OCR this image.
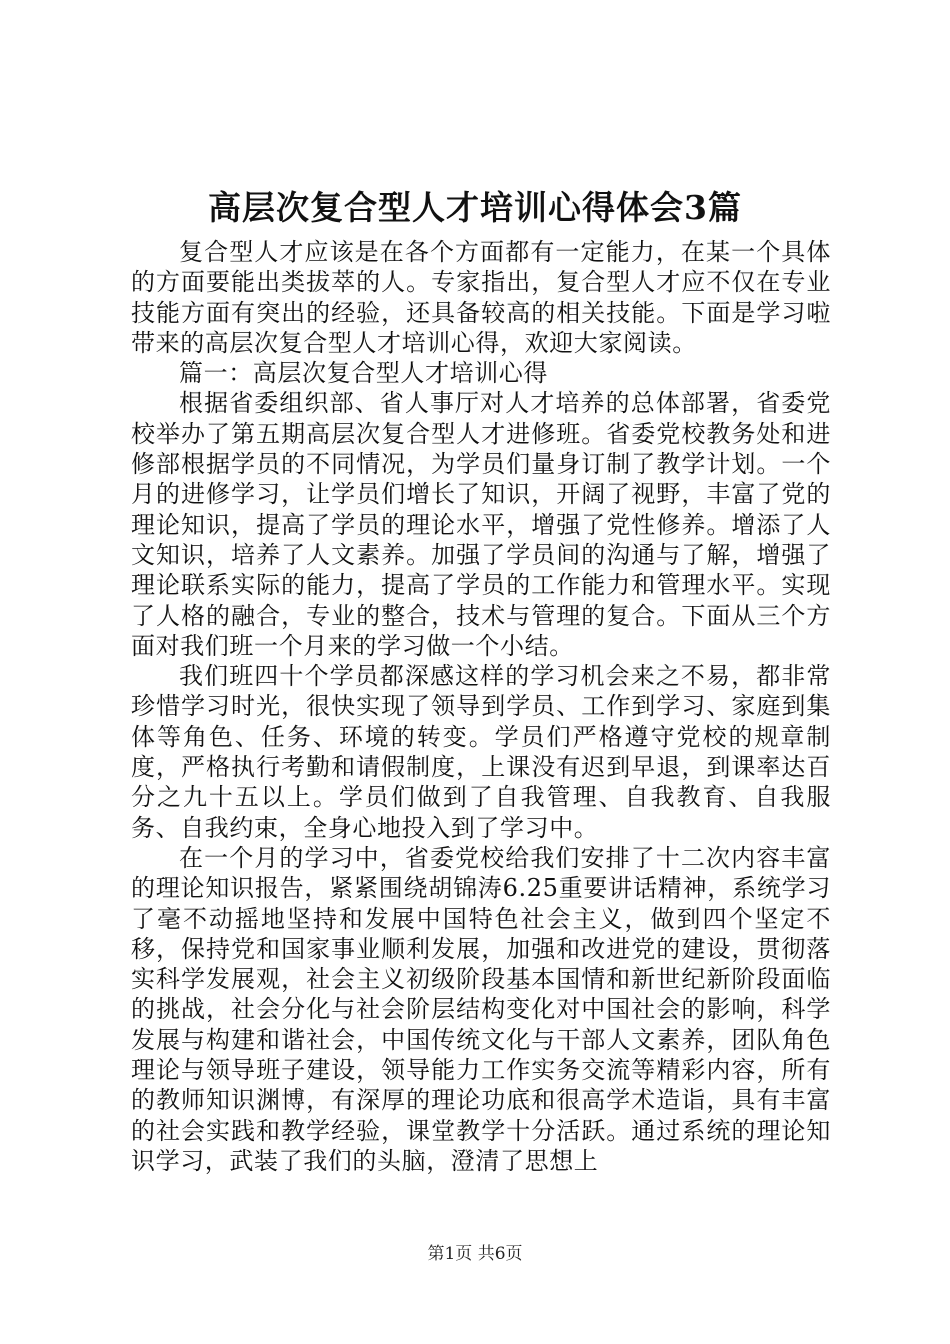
高层次复合型人才培训心得体会3篇

复合型人才应该是在各个方面都有一定能力，在某一个具体的方面要能出类拔萃的人。专家指出，复合型人才应不仅在专业技能方面有突出的经验，还具备较高的相关技能。下面是学习啦带来的高层次复合型人才培训心得，欢迎大家阅读。

篇一：高层次复合型人才培训心得

根据省委组织部、省人事厅对人才培养的总体部署，省委党校举办了第五期高层次复合型人才进修班。省委党校教务处和进修部根据学员的不同情况，为学员们量身订制了教学计划。一个月的进修学习，让学员们增长了知识，开阔了视野，丰富了党的理论知识，提高了学员的理论水平，增强了党性修养。增添了人文知识，培养了人文素养。加强了学员间的沟通与了解，增强了理论联系实际的能力，提高了学员的工作能力和管理水平。实现了人格的融合，专业的整合，技术与管理的复合。下面从三个方面对我们班一个月来的学习做一个小结。

我们班四十个学员都深感这样的学习机会来之不易，都非常珍惜学习时光，很快实现了领导到学员、工作到学习、家庭到集体等角色、任务、环境的转变。学员们严格遵守党校的规章制度，严格执行考勤和请假制度，上课没有迟到早退，到课率达百分之九十五以上。学员们做到了自我管理、自我教育、自我服务、自我约束，全身心地投入到了学习中。

在一个月的学习中，省委党校给我们安排了十二次内容丰富的理论知识报告，紧紧围绕胡锦涛6.25重要讲话精神，系统学习了毫不动摇地坚持和发展中国特色社会主义，做到四个坚定不移，保持党和国家事业顺利发展，加强和改进党的建设，贯彻落实科学发展观，社会主义初级阶段基本国情和新世纪新阶段面临的挑战，社会分化与社会阶层结构变化对中国社会的影响，科学发展与构建和谐社会，中国传统文化与干部人文素养，团队角色理论与领导班子建设，领导能力工作实务交流等精彩内容，所有的教师知识渊博，有深厚的理论功底和很高学术造诣，具有丰富的社会实践和教学经验，课堂教学十分活跃。通过系统的理论知识学习，武装了我们的头脑，澄清了思想上

第1页 共6页
